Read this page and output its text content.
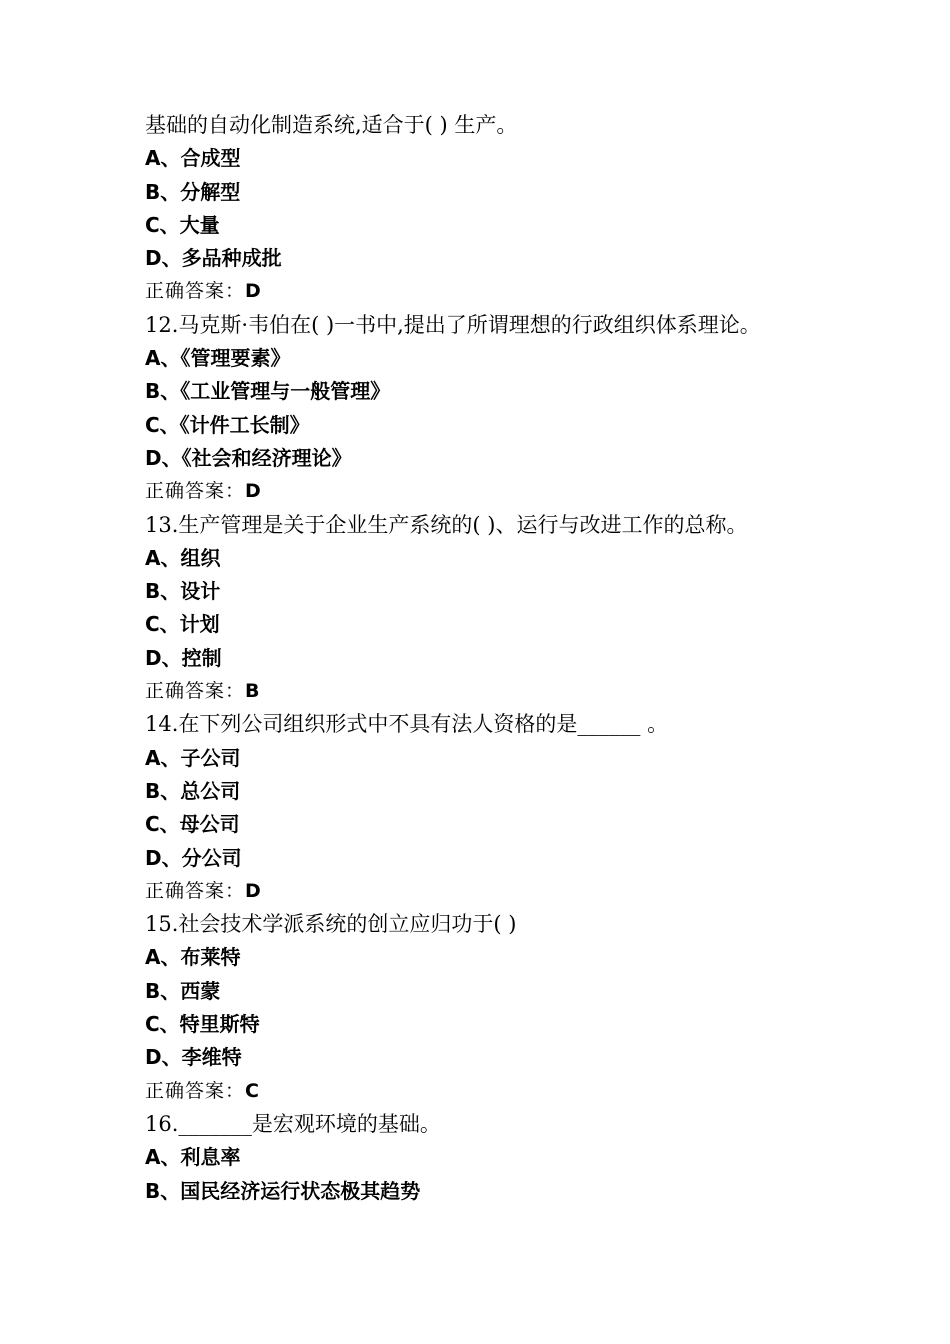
基础的自动化制造系统,适合于( ) 生产。
A、合成型
B、分解型
C、大量
D、多品种成批
正确答案：D
12.马克斯·韦伯在( )一书中,提出了所谓理想的行政组织体系理论。
A、《管理要素》
B、《工业管理与一般管理》
C、《计件工长制》
D、《社会和经济理论》
正确答案：D
13.生产管理是关于企业生产系统的( )、运行与改进工作的总称。
A、组织
B、设计
C、计划
D、控制
正确答案：B
14.在下列公司组织形式中不具有法人资格的是______ 。
A、子公司
B、总公司
C、母公司
D、分公司
正确答案：D
15.社会技术学派系统的创立应归功于( )
A、布莱特
B、西蒙
C、特里斯特
D、李维特
正确答案：C
16._______是宏观环境的基础。
A、利息率
B、国民经济运行状态极其趋势
